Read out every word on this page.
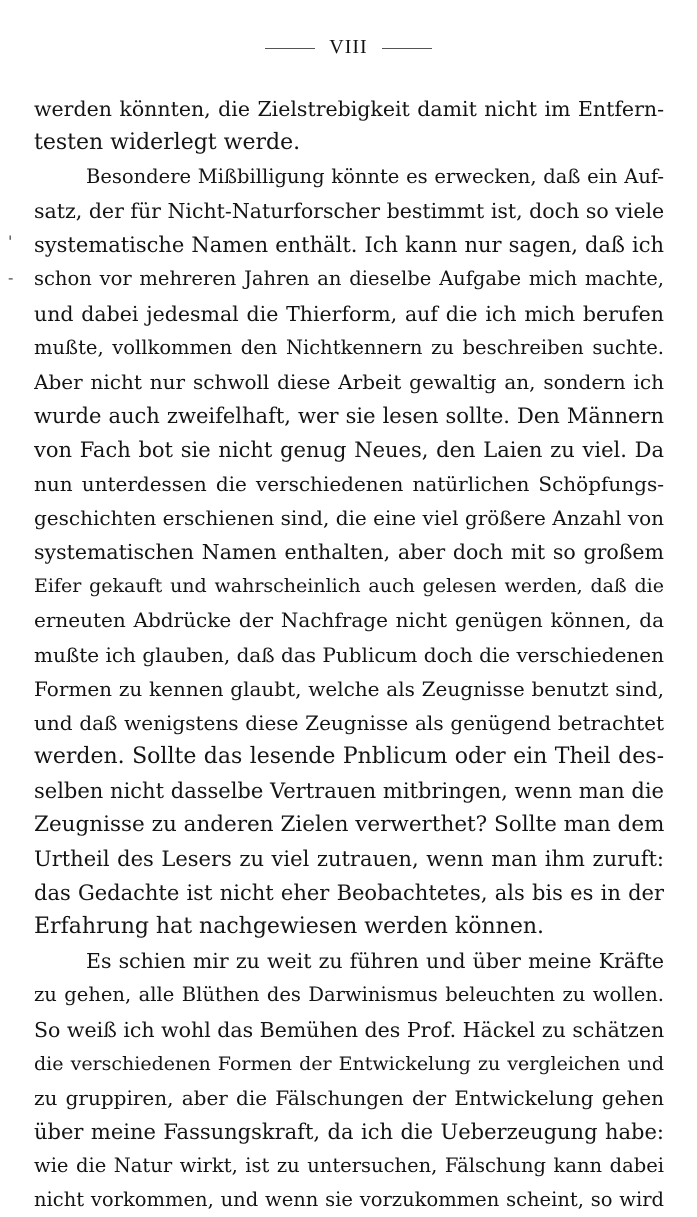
VIII
'
-
werden könnten, die Zielstrebigkeit damit nicht im Entfern-
testen widerlegt werde.
Besondere Mißbilligung könnte es erwecken, daß ein Auf-
satz, der für Nicht-Naturforscher bestimmt ist, doch so viele
systematische Namen enthält. Ich kann nur sagen, daß ich
schon vor mehreren Jahren an dieselbe Aufgabe mich machte,
und dabei jedesmal die Thierform, auf die ich mich berufen
mußte, vollkommen den Nichtkennern zu beschreiben suchte.
Aber nicht nur schwoll diese Arbeit gewaltig an, sondern ich
wurde auch zweifelhaft, wer sie lesen sollte. Den Männern
von Fach bot sie nicht genug Neues, den Laien zu viel. Da
nun unterdessen die verschiedenen natürlichen Schöpfungs-
geschichten erschienen sind, die eine viel größere Anzahl von
systematischen Namen enthalten, aber doch mit so großem
Eifer gekauft und wahrscheinlich auch gelesen werden, daß die
erneuten Abdrücke der Nachfrage nicht genügen können, da
mußte ich glauben, daß das Publicum doch die verschiedenen
Formen zu kennen glaubt, welche als Zeugnisse benutzt sind,
und daß wenigstens diese Zeugnisse als genügend betrachtet
werden. Sollte das lesende Pnblicum oder ein Theil des-
selben nicht dasselbe Vertrauen mitbringen, wenn man die
Zeugnisse zu anderen Zielen verwerthet? Sollte man dem
Urtheil des Lesers zu viel zutrauen, wenn man ihm zuruft:
das Gedachte ist nicht eher Beobachtetes, als bis es in der
Erfahrung hat nachgewiesen werden können.
Es schien mir zu weit zu führen und über meine Kräfte
zu gehen, alle Blüthen des Darwinismus beleuchten zu wollen.
So weiß ich wohl das Bemühen des Prof. Häckel zu schätzen
die verschiedenen Formen der Entwickelung zu vergleichen und
zu gruppiren, aber die Fälschungen der Entwickelung gehen
über meine Fassungskraft, da ich die Ueberzeugung habe:
wie die Natur wirkt, ist zu untersuchen, Fälschung kann dabei
nicht vorkommen, und wenn sie vorzukommen scheint, so wird
